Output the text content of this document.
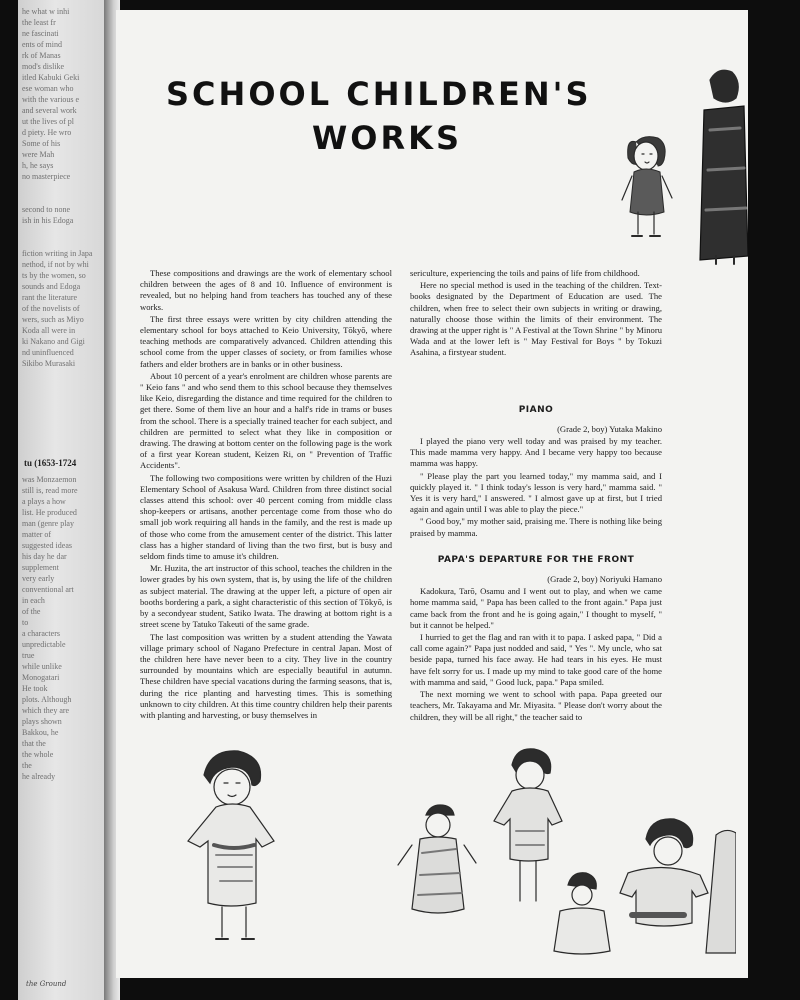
he what w inhi
the least fr
ne fascinati
ents of mind
rk of Manas
mod's dislike
itled Kabuki Geki
ese woman who
with the various e
and several work
ut the lives of pl
d piety. He wro
Some of his
were Mah
h, he says
no masterpiece

second to none
ish in his Edoga

fiction writing in Japa
nethod, if not by whi
ts by the women, so
sounds and Edoga
rant the literature
of the novelists of
wers, such as Miyo
Koda all were in
ki Nakano and Gigi
nd uninfluenced
Sikibo Murasaki
tu (1653-1724
was Monzaemon
still is, read more
a plays a how
list. He produced
man (genre play
matter of
suggested ideas
his day he dar
supplement
very early
conventional art
in each
of the
to
a characters
unpredictable
true
while unlike
Monogatari
He took
plots. Although
which they are
plays shown
Bakkou, he
that the
the whole
the
he already
the Ground
SCHOOL CHILDREN'S
WORKS

These compositions and drawings are the work of elementary school children between the ages of 8 and 10. Influence of environment is revealed, but no helping hand from teachers has touched any of these works.

The first three essays were written by city children attending the elementary school for boys attached to Keio University, Tōkyō, where teaching methods are comparatively advanced. Children attending this school come from the upper classes of society, or from families whose fathers and elder brothers are in banks or in other business.

About 10 percent of a year's enrolment are children whose parents are " Keio fans " and who send them to this school because they themselves like Keio, disregarding the distance and time required for the children to get there. Some of them live an hour and a half's ride in trams or buses from the school. There is a specially trained teacher for each subject, and children are permitted to select what they like in composition or drawing. The drawing at bottom center on the following page is the work of a first year Korean student, Keizen Ri, on " Prevention of Traffic Accidents".

The following two compositions were written by children of the Huzi Elementary School of Asakusa Ward. Children from three distinct social classes attend this school: over 40 percent coming from middle class shop-keepers or artisans, another percentage come from those who do small job work requiring all hands in the family, and the rest is made up of those who come from the amusement center of the district. This latter class has a higher standard of living than the two first, but is busy and seldom finds time to amuse it's children.

Mr. Huzita, the art instructor of this school, teaches the children in the lower grades by his own system, that is, by using the life of the children as subject material. The drawing at the upper left, a picture of open air booths bordering a park, a sight characteristic of this section of Tōkyō, is by a secondyear student, Satiko Iwata. The drawing at bottom right is a street scene by Tatuko Takeuti of the same grade.

The last composition was written by a student attending the Yawata village primary school of Nagano Prefecture in central Japan. Most of the children here have never been to a city. They live in the country surrounded by mountains which are especially beautiful in autumn. These children have special vacations during the farming seasons, that is, during the rice planting and harvesting times. This is something unknown to city children. At this time country children help their parents with planting and harvesting, or busy themselves in

sericulture, experiencing the toils and pains of life from childhood.

Here no special method is used in the teaching of the children. Text-books designated by the Department of Education are used. The children, when free to select their own subjects in writing or drawing, naturally choose those within the limits of their environment. The drawing at the upper right is " A Festival at the Town Shrine " by Minoru Wada and at the lower left is " May Festival for Boys " by Tokuzi Asahina, a firstyear student.

PIANO

(Grade 2, boy) Yutaka Makino

I played the piano very well today and was praised by my teacher. This made mamma very happy. And I became very happy too because mamma was happy.

" Please play the part you learned today," my mamma said, and I quickly played it. " I think today's lesson is very hard," mamma said. " Yes it is very hard," I answered. " I almost gave up at first, but I tried again and again until I was able to play the piece."

" Good boy," my mother said, praising me. There is nothing like being praised by mamma.

PAPA'S DEPARTURE FOR THE FRONT

(Grade 2, boy) Noriyuki Hamano

Kadokura, Tarō, Osamu and I went out to play, and when we came home mamma said, " Papa has been called to the front again." Papa just came back from the front and he is going again," I thought to myself, " but it cannot be helped."

I hurried to get the flag and ran with it to papa. I asked papa, " Did a call come again?" Papa just nodded and said, " Yes ". My uncle, who sat beside papa, turned his face away. He had tears in his eyes. He must have felt sorry for us. I made up my mind to take good care of the home with mamma and said, " Good luck, papa." Papa smiled.

The next morning we went to school with papa. Papa greeted our teachers, Mr. Takayama and Mr. Miyasita. " Please don't worry about the children, they will be all right," the teacher said to
